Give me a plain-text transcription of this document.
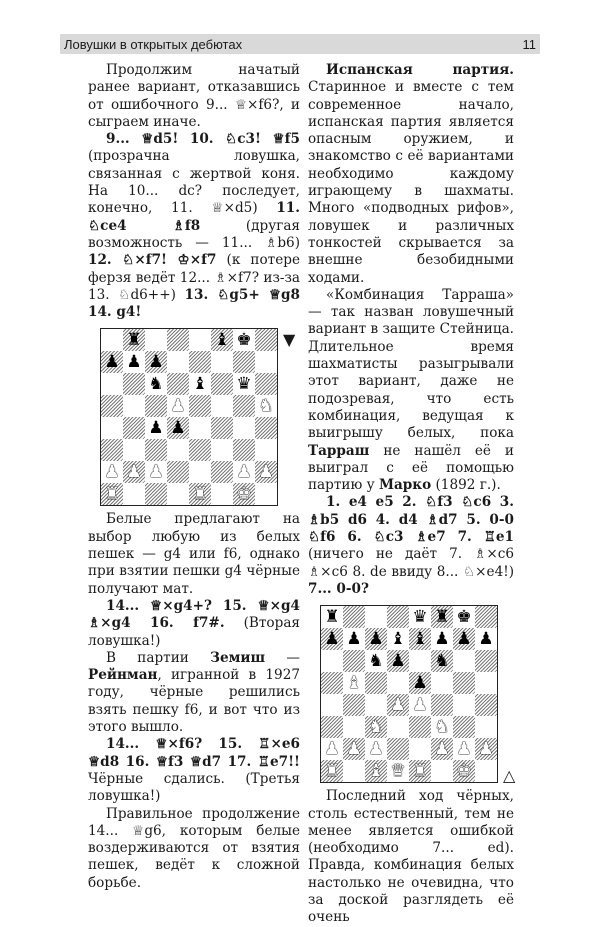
Ловушки в открытых дебютах	11

Продолжим начатый ранее вариант, отказавшись от ошибочного 9... ♕×f6?, и сыграем иначе.

9... ♕d5! 10. ♘c3! ♕f5 (прозрачна ловушка, связанная с жертвой коня. На 10... dc? последует, конечно, 11. ♕×d5) 11. ♘ce4 ♗f8 (другая возможность — 11... ♗b6) 12. ♘×f7! ♔×f7 (к потере ферзя ведёт 12... ♗×f7? из-за 13. ♘d6++) 13. ♘g5+ ♕g8 14. g4!

♜	♝ ♚
♟ ♟ ♟
♞ ♝ ♛
♟	♞
♟ ♟
♟ ♟ ♟	♟ ♟
♜	♜ ♚
▼

Белые предлагают на выбор любую из белых пешек — g4 или f6, однако при взятии пешки g4 чёрные получают мат.

14... ♕×g4+? 15. ♕×g4 ♗×g4 16. f7#. (Вторая ловушка!)

В партии Земиш — Рейнман, игранной в 1927 году, чёрные решились взять пешку f6, и вот что из этого вышло.

14... ♕×f6? 15. ♖×e6 ♕d8 16. ♕f3 ♕d7 17. ♖e7!! Чёрные сдались. (Третья ловушка!)

Правильное продолжение 14... ♕g6, которым белые воздерживаются от взятия пешек, ведёт к сложной борьбе.

Испанская партия. Старинное и вместе с тем современное начало, испанская партия является опасным оружием, и знакомство с её вариантами необходимо каждому играющему в шахматы. Много «подводных рифов», ловушек и различных тонкостей скрывается за внешне безобидными ходами.

«Комбинация Тарраша» — так назван ловушечный вариант в защите Стейница. Длительное время шахматисты разыгрывали этот вариант, даже не подозревая, что есть комбинация, ведущая к выигрышу белых, пока Тарраш не нашёл её и выиграл с её помощью партию у Марко (1892 г.).

1. e4 e5 2. ♘f3 ♘c6 3. ♗b5 d6 4. d4 ♗d7 5. 0-0 ♘f6 6. ♘c3 ♗e7 7. ♖e1 (ничего не даёт 7. ♗×c6 ♗×c6 8. de ввиду 8... ♘×e4!) 7... 0-0?

♜	♛ ♜ ♚
♟ ♟ ♟ ♝ ♝ ♟ ♟ ♟
♞ ♟ ♞
♝	♟
♟ ♟
♞	♞
♟ ♟ ♟	♟ ♟ ♟
♜ ♝ ♛ ♜ ♚ △

Последний ход чёрных, столь естественный, тем не менее является ошибкой (необходимо 7... ed). Правда, комбинация белых настолько не очевидна, что за доской разглядеть её очень
